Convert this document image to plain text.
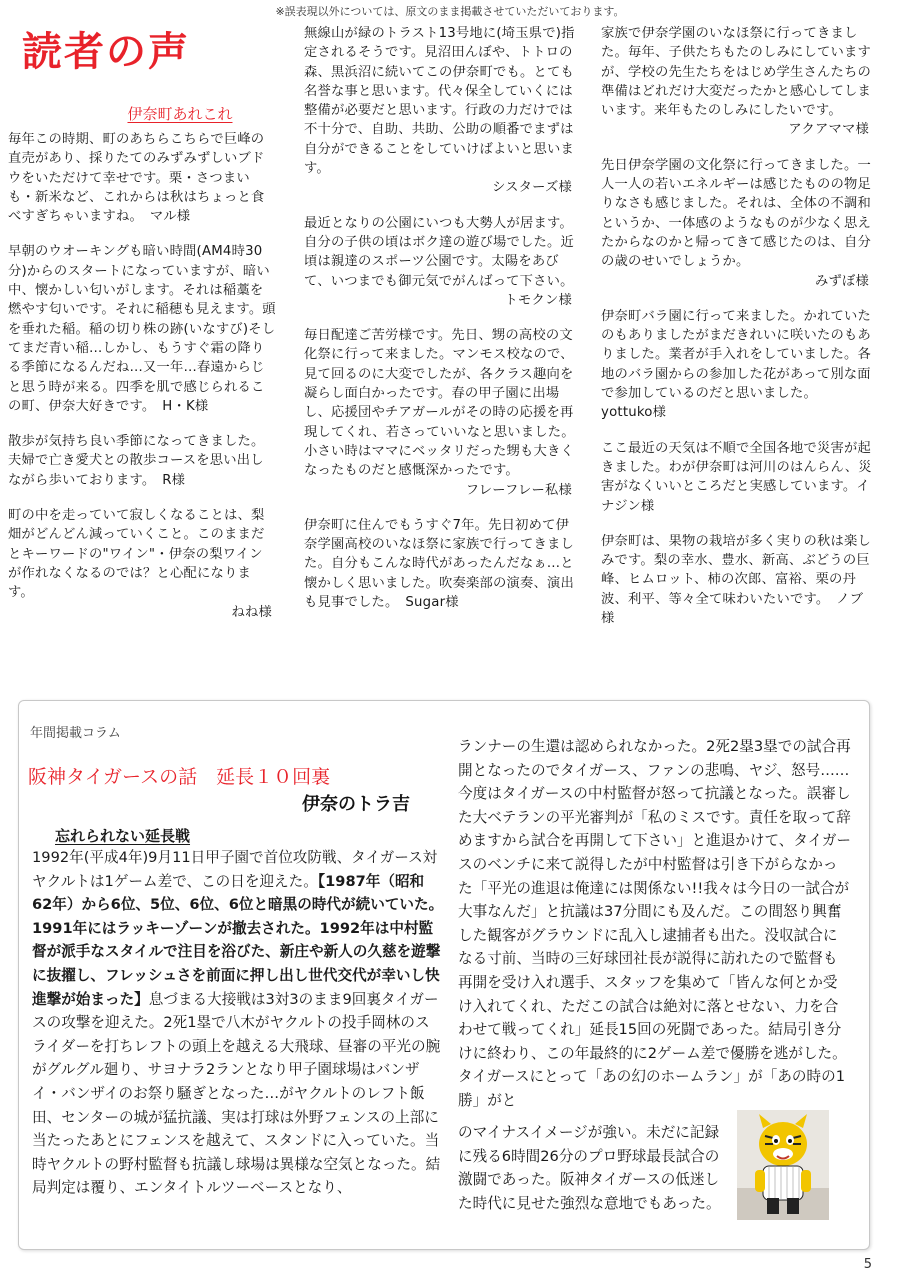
※誤表現以外については、原文のまま掲載させていただいております。
読者の声
伊奈町あれこれ

毎年この時期、町のあちらこちらで巨峰の直売があり、採りたてのみずみずしいブドウをいただけて幸せです。栗・さつまいも・新米など、これからは秋はちょっと食べすぎちゃいますね。　マル様

早朝のウオーキングも暗い時間(AM4時30分)からのスタートになっていますが、暗い中、懐かしい匂いがします。それは稲藁を燃やす匂いです。それに稲穂も見えます。頭を垂れた稲。稲の切り株の跡(いなすび)そしてまだ青い稲…しかし、もうすぐ霜の降りる季節になるんだね…又一年…春遠からじと思う時が来る。四季を肌で感じられるこの町、伊奈大好きです。　H・K様

散歩が気持ち良い季節になってきました。夫婦で亡き愛犬との散歩コースを思い出しながら歩いております。　R様

町の中を走っていて寂しくなることは、梨畑がどんどん減っていくこと。このままだとキーワードの"ワイン"・伊奈の梨ワインが作れなくなるのでは？と心配になります。

ねね様

無線山が緑のトラスト13号地に(埼玉県で)指定されるそうです。見沼田んぼや、トトロの森、黒浜沼に続いてこの伊奈町でも。とても名誉な事と思います。代々保全していくには整備が必要だと思います。行政の力だけでは不十分で、自助、共助、公助の順番でまずは自分ができることをしていけばよいと思います。

シスターズ様

最近となりの公園にいつも大勢人が居ます。自分の子供の頃はボク達の遊び場でした。近頃は親達のスポーツ公園です。太陽をあびて、いつまでも御元気でがんばって下さい。

トモクン様

毎日配達ご苦労様です。先日、甥の高校の文化祭に行って来ました。マンモス校なので、見て回るのに大変でしたが、各クラス趣向を凝らし面白かったです。春の甲子園に出場し、応援団やチアガールがその時の応援を再現してくれ、若さっていいなと思いました。小さい時はママにベッタリだった甥も大きくなったものだと感慨深かったです。

フレーフレー私様

伊奈町に住んでもうすぐ7年。先日初めて伊奈学園高校のいなほ祭に家族で行ってきました。自分もこんな時代があったんだなぁ…と懐かしく思いました。吹奏楽部の演奏、演出も見事でした。　Sugar様

家族で伊奈学園のいなほ祭に行ってきました。毎年、子供たちもたのしみにしていますが、学校の先生たちをはじめ学生さんたちの準備はどれだけ大変だったかと感心してしまいます。来年もたのしみにしたいです。

アクアママ様

先日伊奈学園の文化祭に行ってきました。一人一人の若いエネルギーは感じたものの物足りなさも感じました。それは、全体の不調和というか、一体感のようなものが少なく思えたからなのかと帰ってきて感じたのは、自分の歳のせいでしょうか。

みずぼ様

伊奈町バラ園に行って来ました。かれていたのもありましたがまだきれいに咲いたのもありました。業者が手入れをしていました。各地のバラ園からの参加した花があって別な面で参加しているのだと思いました。　yottuko様

ここ最近の天気は不順で全国各地で災害が起きました。わが伊奈町は河川のはんらん、災害がなくいいところだと実感しています。イナジン様

伊奈町は、果物の栽培が多く実りの秋は楽しみです。梨の幸水、豊水、新高、ぶどうの巨峰、ヒムロット、柿の次郎、富裕、栗の丹波、利平、等々全て味わいたいです。　ノブ様

年間掲載コラム
阪神タイガースの話　延長１０回裏
伊奈のトラ吉
忘れられない延長戦

1992年(平成4年)9月11日甲子園で首位攻防戦、タイガース対ヤクルトは1ゲーム差で、この日を迎えた。【1987年（昭和62年）から6位、5位、6位、6位と暗黒の時代が続いていた。1991年にはラッキーゾーンが撤去された。1992年は中村監督が派手なスタイルで注目を浴びた、新庄や新人の久慈を遊撃に抜擢し、フレッシュさを前面に押し出し世代交代が幸いし快進撃が始まった】息づまる大接戦は3対3のまま9回裏タイガースの攻撃を迎えた。2死1塁で八木がヤクルトの投手岡林のスライダーを打ちレフトの頭上を越える大飛球、昼審の平光の腕がグルグル廻り、サヨナラ2ランとなり甲子園球場はバンザイ・バンザイのお祭り騒ぎとなった…がヤクルトのレフト飯田、センターの城が猛抗議、実は打球は外野フェンスの上部に当たったあとにフェンスを越えて、スタンドに入っていた。当時ヤクルトの野村監督も抗議し球場は異様な空気となった。結局判定は覆り、エンタイトルツーベースとなり、

ランナーの生還は認められなかった。2死2塁3塁での試合再開となったのでタイガース、ファンの悲鳴、ヤジ、怒号……今度はタイガースの中村監督が怒って抗議となった。誤審した大ベテランの平光審判が「私のミスです。責任を取って辞めますから試合を再開して下さい」と進退かけて、タイガースのベンチに来て説得したが中村監督は引き下がらなかった「平光の進退は俺達には関係ない!!我々は今日の一試合が大事なんだ」と抗議は37分間にも及んだ。この間怒り興奮した観客がグラウンドに乱入し逮捕者も出た。没収試合になる寸前、当時の三好球団社長が説得に訪れたので監督も再開を受け入れ選手、スタッフを集めて「皆んな何とか受け入れてくれ、ただこの試合は絶対に落とせない、力を合わせて戦ってくれ」延長15回の死闘であった。結局引き分けに終わり、この年最終的に2ゲーム差で優勝を逃がした。タイガースにとって「あの幻のホームラン」が「あの時の1勝」がと

のマイナスイメージが強い。未だに記録に残る6時間26分のプロ野球最長試合の激闘であった。阪神タイガースの低迷した時代に見せた強烈な意地でもあった。

5
